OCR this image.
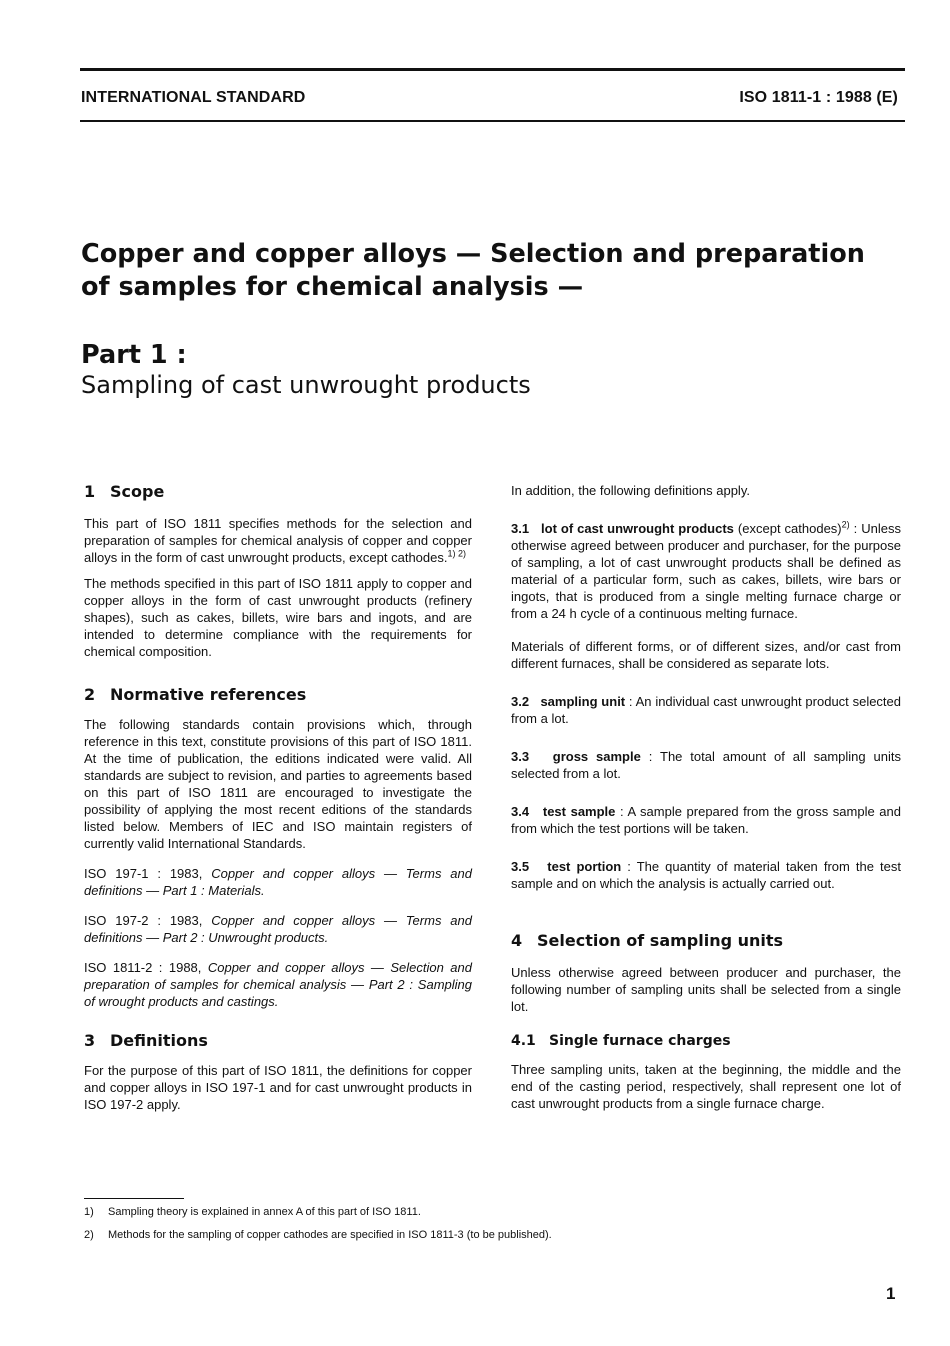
INTERNATIONAL STANDARD	ISO 1811-1 : 1988 (E)
Copper and copper alloys — Selection and preparation
of samples for chemical analysis —
Part 1 :
Sampling of cast unwrought products
1 Scope

This part of ISO 1811 specifies methods for the selection and preparation of samples for chemical analysis of copper and copper alloys in the form of cast unwrought products, except cathodes.$^{1) 2)}$

The methods specified in this part of ISO 1811 apply to copper and copper alloys in the form of cast unwrought products (refinery shapes), such as cakes, billets, wire bars and ingots, and are intended to determine compliance with the requirements for chemical composition.

2 Normative references

The following standards contain provisions which, through reference in this text, constitute provisions of this part of ISO 1811. At the time of publication, the editions indicated were valid. All standards are subject to revision, and parties to agreements based on this part of ISO 1811 are encouraged to investigate the possibility of applying the most recent editions of the standards listed below. Members of IEC and ISO maintain registers of currently valid International Standards.

ISO 197-1 : 1983, Copper and copper alloys — Terms and definitions — Part 1 : Materials.

ISO 197-2 : 1983, Copper and copper alloys — Terms and definitions — Part 2 : Unwrought products.

ISO 1811-2 : 1988, Copper and copper alloys — Selection and preparation of samples for chemical analysis — Part 2 : Sampling of wrought products and castings.

3 Definitions

For the purpose of this part of ISO 1811, the definitions for copper and copper alloys in ISO 197-1 and for cast unwrought products in ISO 197-2 apply.

In addition, the following definitions apply.

3.1 lot of cast unwrought products (except cathodes)$^{2)}$ : Unless otherwise agreed between producer and purchaser, for the purpose of sampling, a lot of cast unwrought products shall be defined as material of a particular form, such as cakes, billets, wire bars or ingots, that is produced from a single melting furnace charge or from a 24 h cycle of a continuous melting furnace.

Materials of different forms, or of different sizes, and/or cast from different furnaces, shall be considered as separate lots.

3.2 sampling unit : An individual cast unwrought product selected from a lot.

3.3 gross sample : The total amount of all sampling units selected from a lot.

3.4 test sample : A sample prepared from the gross sample and from which the test portions will be taken.

3.5 test portion : The quantity of material taken from the test sample and on which the analysis is actually carried out.

4 Selection of sampling units

Unless otherwise agreed between producer and purchaser, the following number of sampling units shall be selected from a single lot.

4.1 Single furnace charges

Three sampling units, taken at the beginning, the middle and the end of the casting period, respectively, shall represent one lot of cast unwrought products from a single furnace charge.

1) Sampling theory is explained in annex A of this part of ISO 1811.
2) Methods for the sampling of copper cathodes are specified in ISO 1811-3 (to be published).
1
